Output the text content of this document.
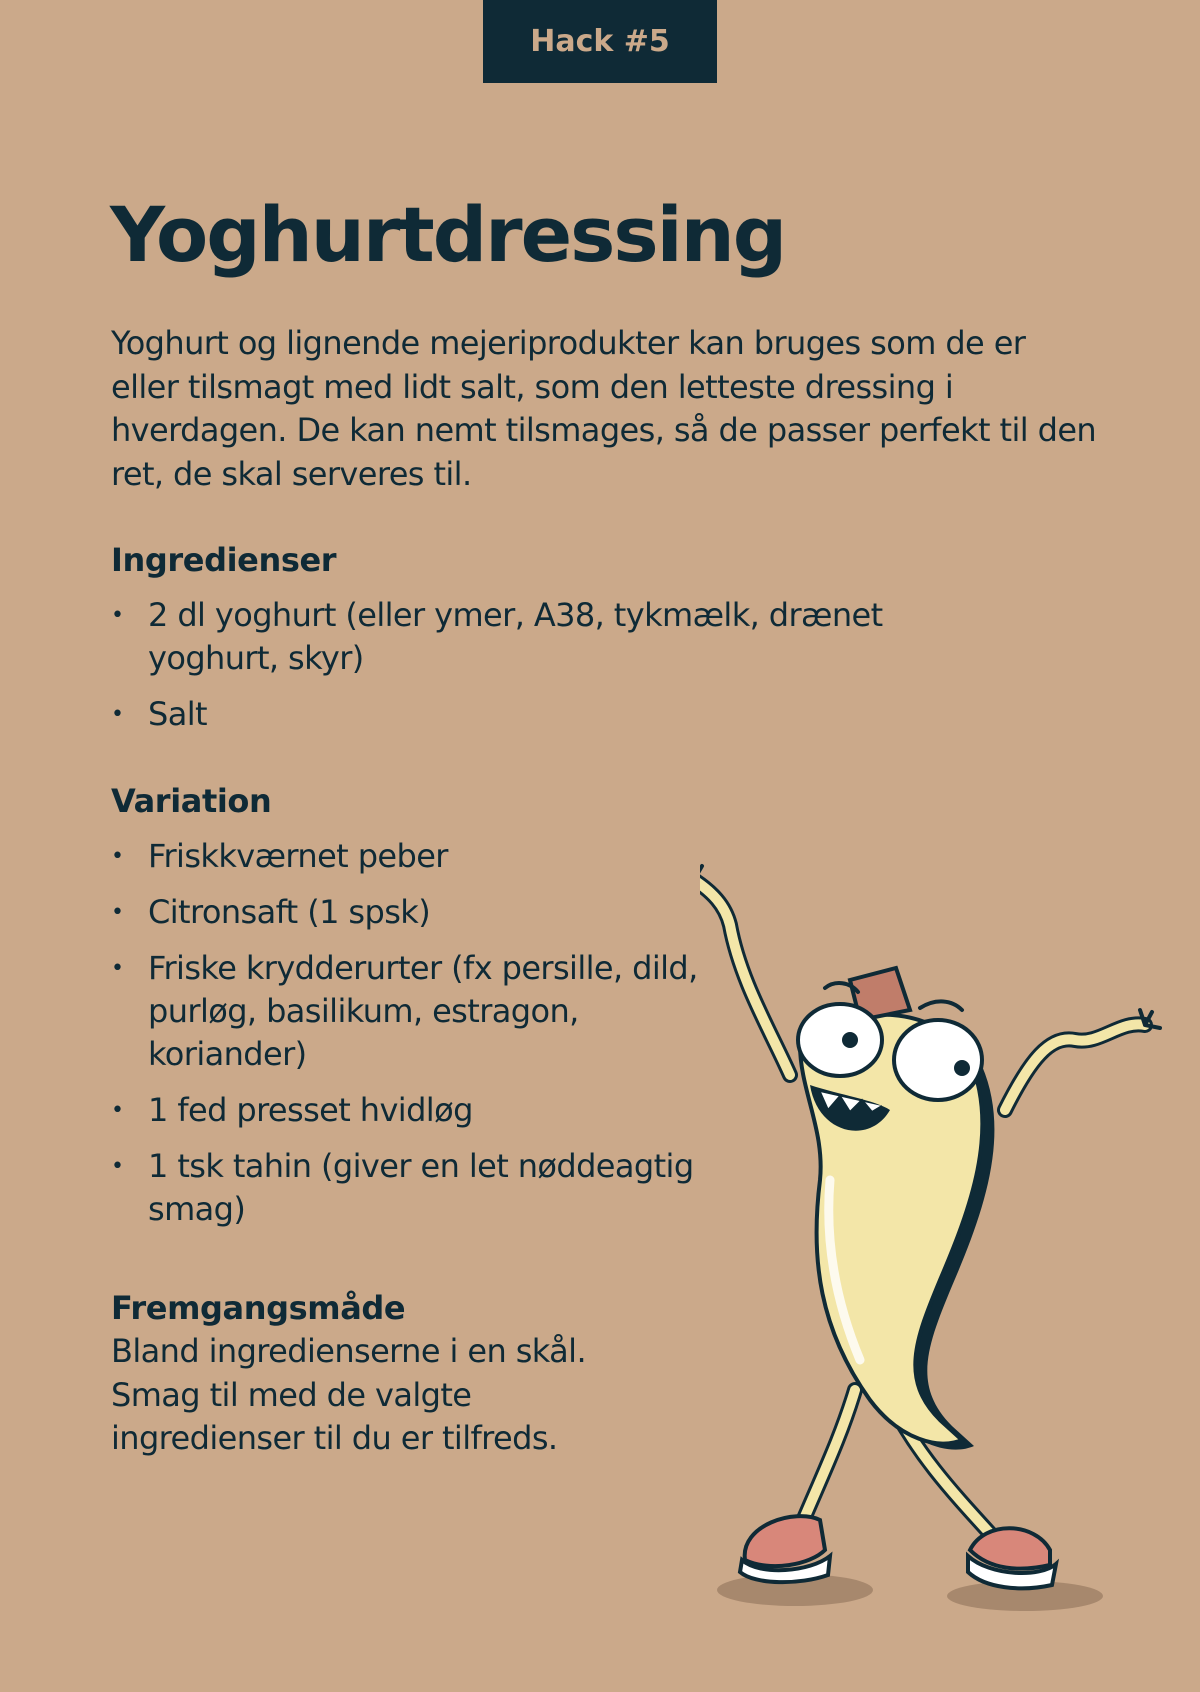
Hack #5
Yoghurtdressing

Yoghurt og lignende mejeriprodukter kan bruges som de er eller tilsmagt med lidt salt, som den letteste dressing i hverdagen. De kan nemt tilsmages, så de passer perfekt til den ret, de skal serveres til.

Ingredienser
• 2 dl yoghurt (eller ymer, A38, tykmælk, drænet yoghurt, skyr)
• Salt
Variation
• Friskkværnet peber
• Citronsaft (1 spsk)
• Friske krydderurter (fx persille, dild, purløg, basilikum, estragon, koriander)
• 1 fed presset hvidløg
• 1 tsk tahin (giver en let nøddeagtig smag)
Fremgangsmåde

Bland ingredienserne i en skål. Smag til med de valgte ingredienser til du er tilfreds.
